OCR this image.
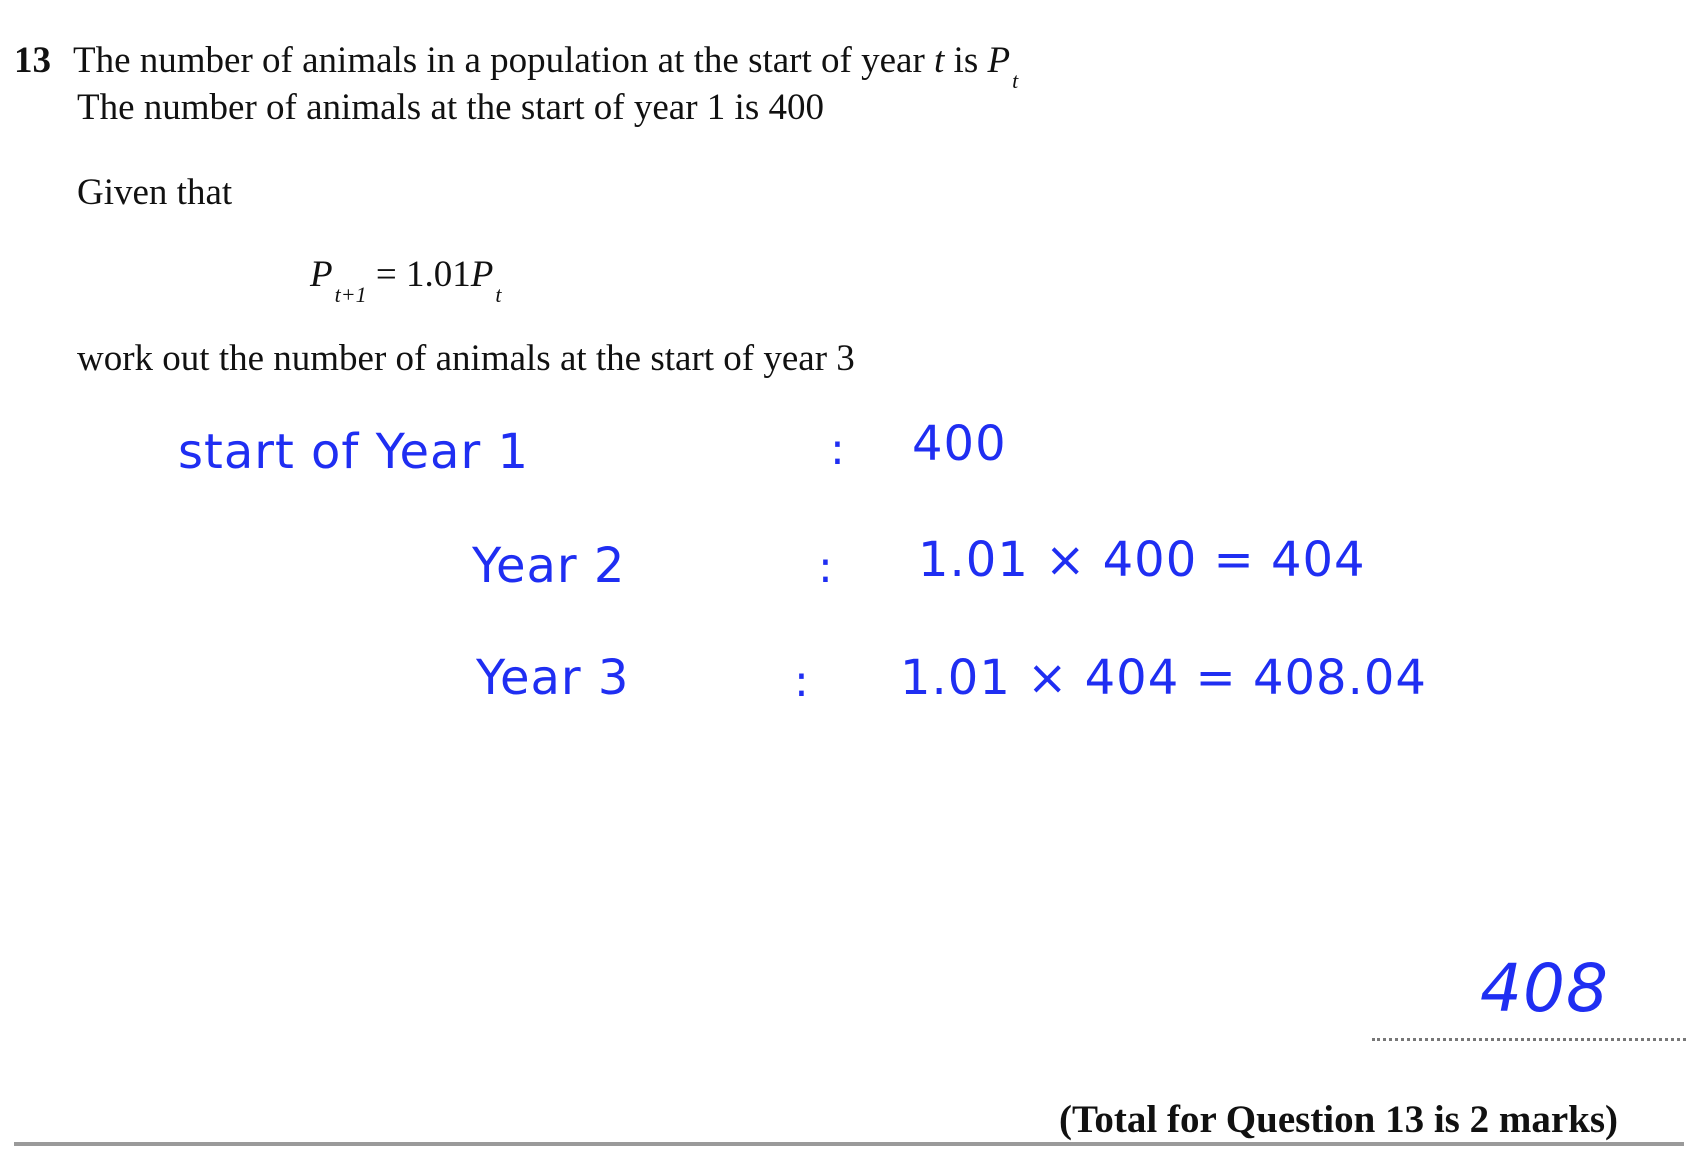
13 The number of animals in a population at the start of year t is $P_t$
The number of animals at the start of year 1 is 400
Given that
$P_{t+1} = 1.01P_t$
work out the number of animals at the start of year 3
start of Year 1	: 400
Year 2	: 1.01 × 400 = 404
Year 3	: 1.01 × 404 = 408.04
408
(Total for Question 13 is 2 marks)
